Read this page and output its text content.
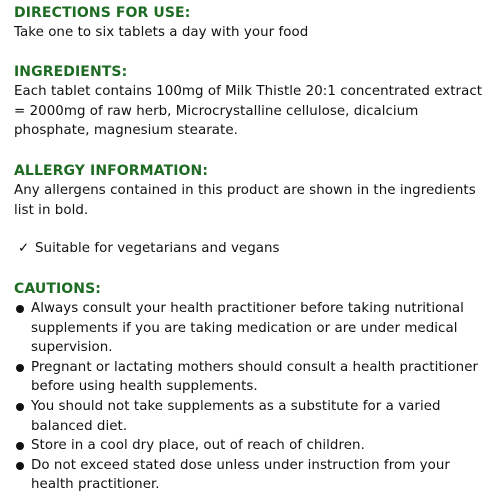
DIRECTIONS FOR USE:

Take one to six tablets a day with your food

INGREDIENTS:

Each tablet contains 100mg of Milk Thistle 20:1 concentrated extract

= 2000mg of raw herb, Microcrystalline cellulose, dicalcium

phosphate, magnesium stearate.

ALLERGY INFORMATION:

Any allergens contained in this product are shown in the ingredients

list in bold.

✓ Suitable for vegetarians and vegans

CAUTIONS:

Always consult your health practitioner before taking nutritional

supplements if you are taking medication or are under medical

supervision.

Pregnant or lactating mothers should consult a health practitioner

before using health supplements.

You should not take supplements as a substitute for a varied

balanced diet.

Store in a cool dry place, out of reach of children.

Do not exceed stated dose unless under instruction from your

health practitioner.
